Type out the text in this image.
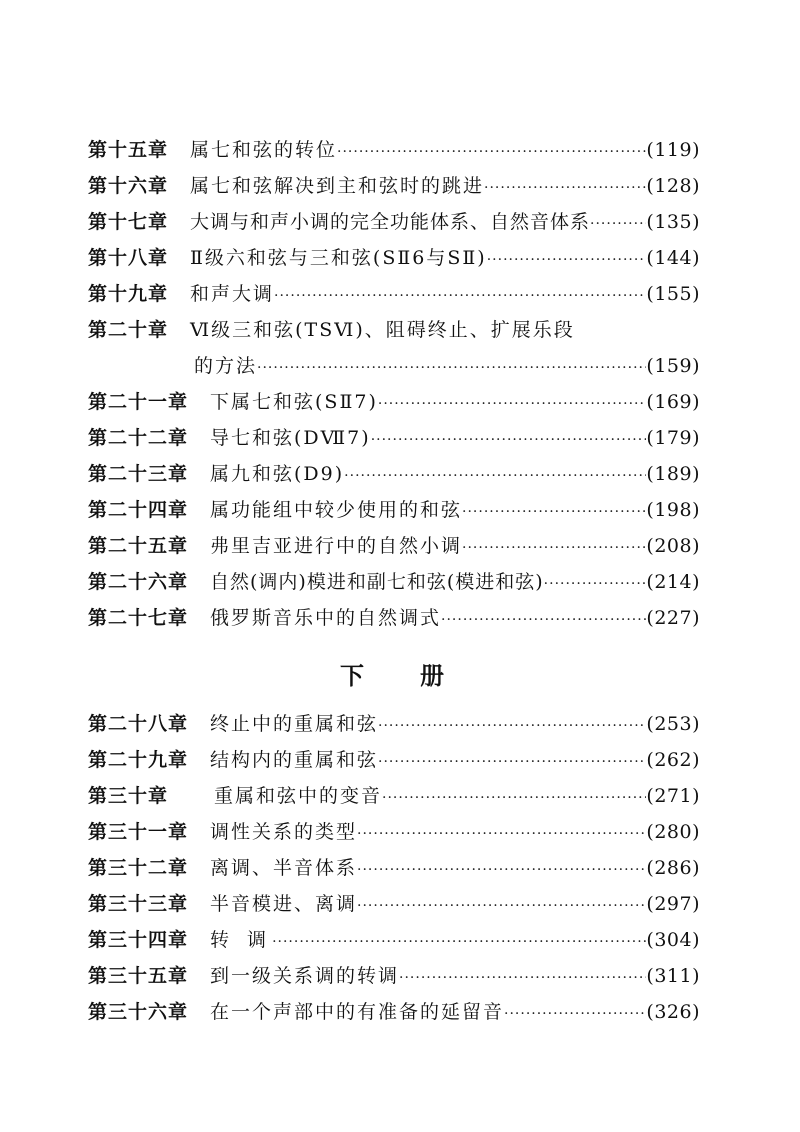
第十五章	属七和弦的转位 ·····	(119)
第十六章	属七和弦解决到主和弦时的跳进 ·····	(128)
第十七章	大调与和声小调的完全功能体系、自然音体系 ·····	(135)
第十八章	Ⅱ级六和弦与三和弦(SⅡ6与SⅡ) ·····	(144)
第十九章	和声大调 ·····	(155)
第二十章	Ⅵ级三和弦(TSⅥ)、阻碍终止、扩展乐段
的方法 ·····	(159)
第二十一章	下属七和弦(SⅡ7) ·····	(169)
第二十二章	导七和弦(DⅦ7) ·····	(179)
第二十三章	属九和弦(D9) ·····	(189)
第二十四章	属功能组中较少使用的和弦 ·····	(198)
第二十五章	弗里吉亚进行中的自然小调 ·····	(208)
第二十六章	自然(调内)模进和副七和弦(模进和弦) ·····	(214)
第二十七章	俄罗斯音乐中的自然调式 ·····	(227)
下册
第二十八章	终止中的重属和弦 ·····	(253)
第二十九章	结构内的重属和弦 ·····	(262)
第三十章	重属和弦中的变音 ·····	(271)
第三十一章	调性关系的类型 ·····	(280)
第三十二章	离调、半音体系 ·····	(286)
第三十三章	半音模进、离调 ·····	(297)
第三十四章	转 调 ·····	(304)
第三十五章	到一级关系调的转调 ·····	(311)
第三十六章	在一个声部中的有准备的延留音 ·····	(326)
